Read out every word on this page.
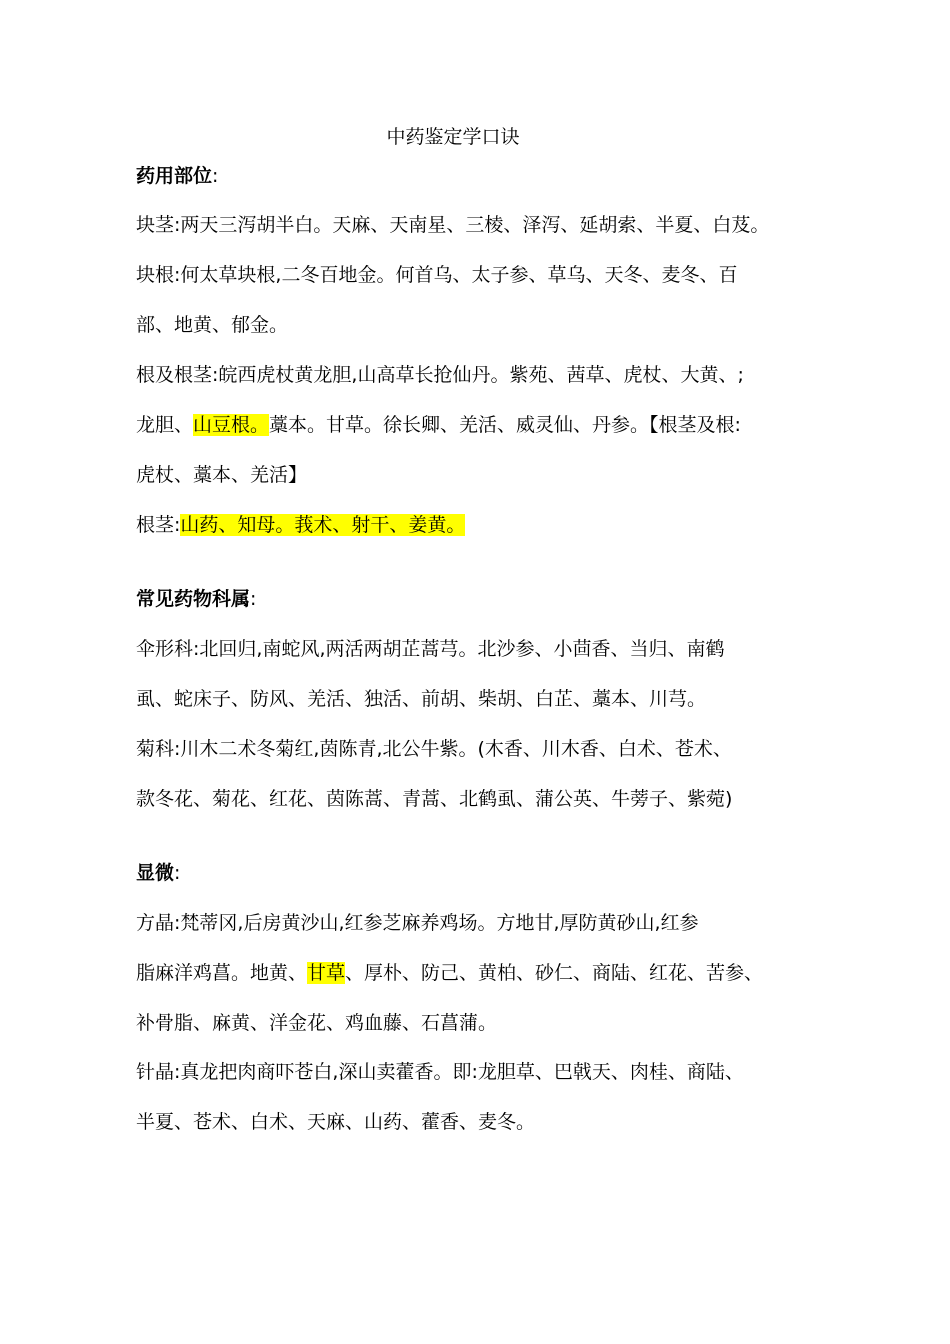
中药鉴定学口诀
药用部位:
块茎:两天三泻胡半白。天麻、天南星、三棱、泽泻、延胡索、半夏、白芨。
块根:何太草块根,二冬百地金。何首乌、太子参、草乌、天冬、麦冬、百
部、地黄、郁金。
根及根茎:皖西虎杖黄龙胆,山高草长抢仙丹。紫苑、茜草、虎杖、大黄、;
龙胆、山豆根。藁本。甘草。徐长卿、羌活、威灵仙、丹参。【根茎及根:
虎杖、藁本、羌活】
根茎:山药、知母。莪术、射干、姜黄。
常见药物科属:
伞形科:北回归,南蛇风,两活两胡芷蒿芎。北沙参、小茴香、当归、南鹤
虱、蛇床子、防风、羌活、独活、前胡、柴胡、白芷、藁本、川芎。
菊科:川木二术冬菊红,茵陈青,北公牛紫。(木香、川木香、白术、苍术、
款冬花、菊花、红花、茵陈蒿、青蒿、北鹤虱、蒲公英、牛蒡子、紫菀)
显微:
方晶:梵蒂冈,后房黄沙山,红参芝麻养鸡场。方地甘,厚防黄砂山,红参
脂麻洋鸡菖。地黄、甘草、厚朴、防己、黄柏、砂仁、商陆、红花、苦参、
补骨脂、麻黄、洋金花、鸡血藤、石菖蒲。
针晶:真龙把肉商吓苍白,深山卖藿香。即:龙胆草、巴戟天、肉桂、商陆、
半夏、苍术、白术、天麻、山药、藿香、麦冬。
